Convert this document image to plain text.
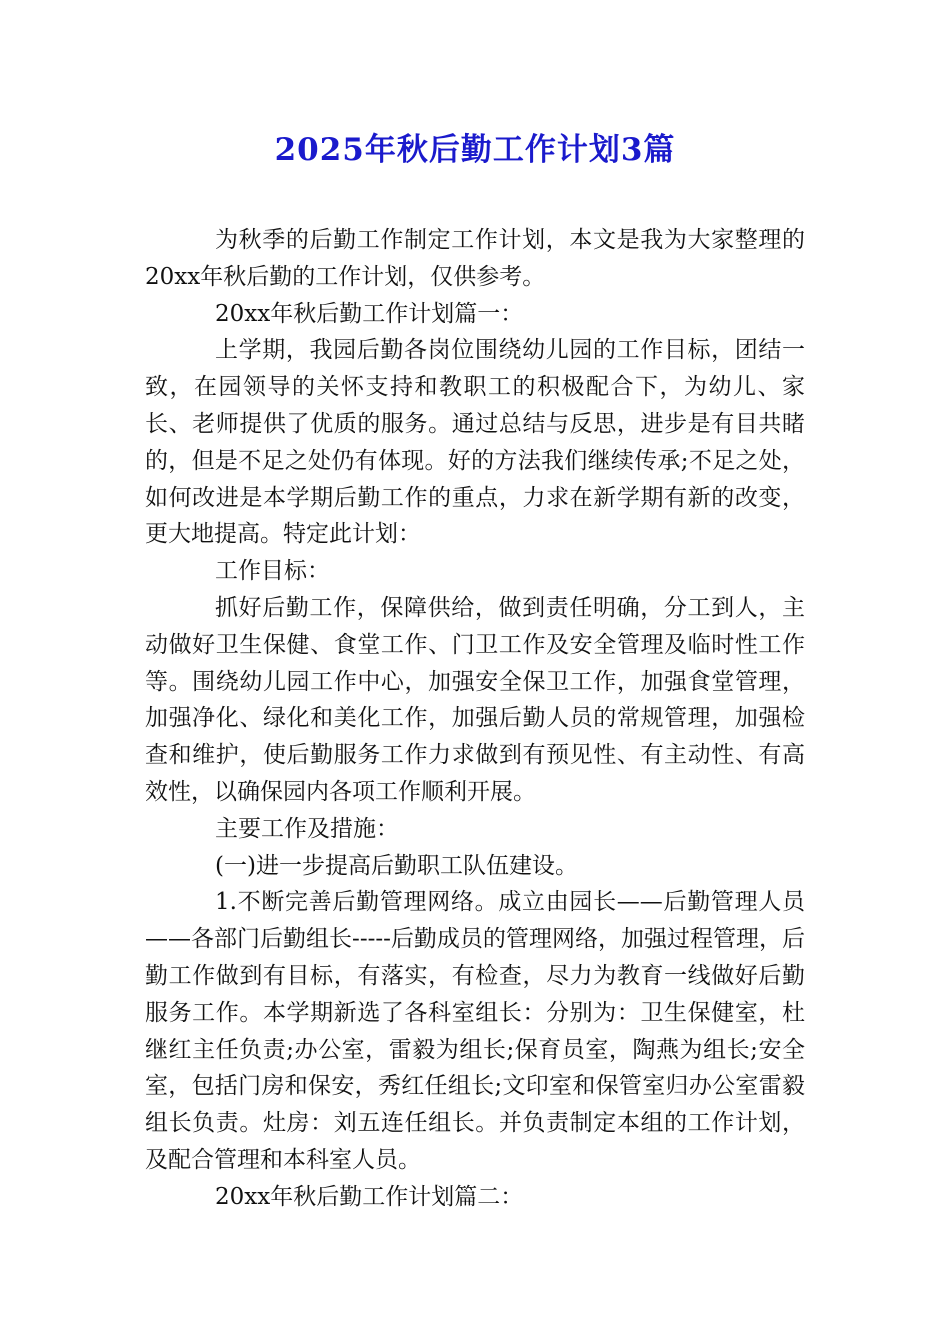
2025年秋后勤工作计划3篇

为秋季的后勤工作制定工作计划，本文是我为大家整理的20xx年秋后勤的工作计划，仅供参考。

20xx年秋后勤工作计划篇一：

上学期，我园后勤各岗位围绕幼儿园的工作目标，团结一致，在园领导的关怀支持和教职工的积极配合下，为幼儿、家长、老师提供了优质的服务。通过总结与反思，进步是有目共睹的，但是不足之处仍有体现。好的方法我们继续传承;不足之处，如何改进是本学期后勤工作的重点，力求在新学期有新的改变，更大地提高。特定此计划：

工作目标：

抓好后勤工作，保障供给，做到责任明确，分工到人，主动做好卫生保健、食堂工作、门卫工作及安全管理及临时性工作等。围绕幼儿园工作中心，加强安全保卫工作，加强食堂管理，加强净化、绿化和美化工作，加强后勤人员的常规管理，加强检查和维护，使后勤服务工作力求做到有预见性、有主动性、有高效性，以确保园内各项工作顺利开展。

主要工作及措施：

(一)进一步提高后勤职工队伍建设。

1.不断完善后勤管理网络。成立由园长——后勤管理人员——各部门后勤组长-----后勤成员的管理网络，加强过程管理，后勤工作做到有目标，有落实，有检查，尽力为教育一线做好后勤服务工作。本学期新选了各科室组长：分别为：卫生保健室，杜继红主任负责;办公室，雷毅为组长;保育员室，陶燕为组长;安全室，包括门房和保安，秀红任组长;文印室和保管室归办公室雷毅组长负责。灶房：刘五连任组长。并负责制定本组的工作计划，及配合管理和本科室人员。

20xx年秋后勤工作计划篇二：
